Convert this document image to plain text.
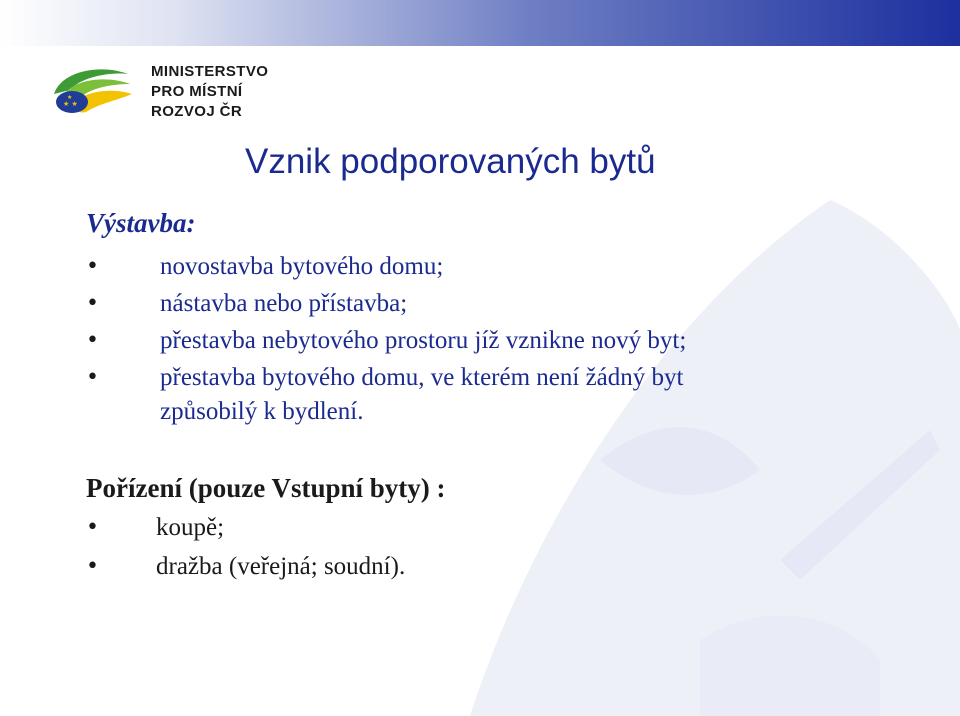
★ ★
★
MINISTERSTVO
PRO MÍSTNÍ
ROZVOJ ČR
Vznik podporovaných bytů
Výstavba:
• novostavba bytového domu;
• nástavba nebo přístavba;
• přestavba nebytového prostoru jíž vznikne nový byt;
• přestavba bytového domu, ve kterém není žádný byt
způsobilý k bydlení.
Pořízení (pouze Vstupní byty) :
• koupě;
• dražba (veřejná; soudní).
